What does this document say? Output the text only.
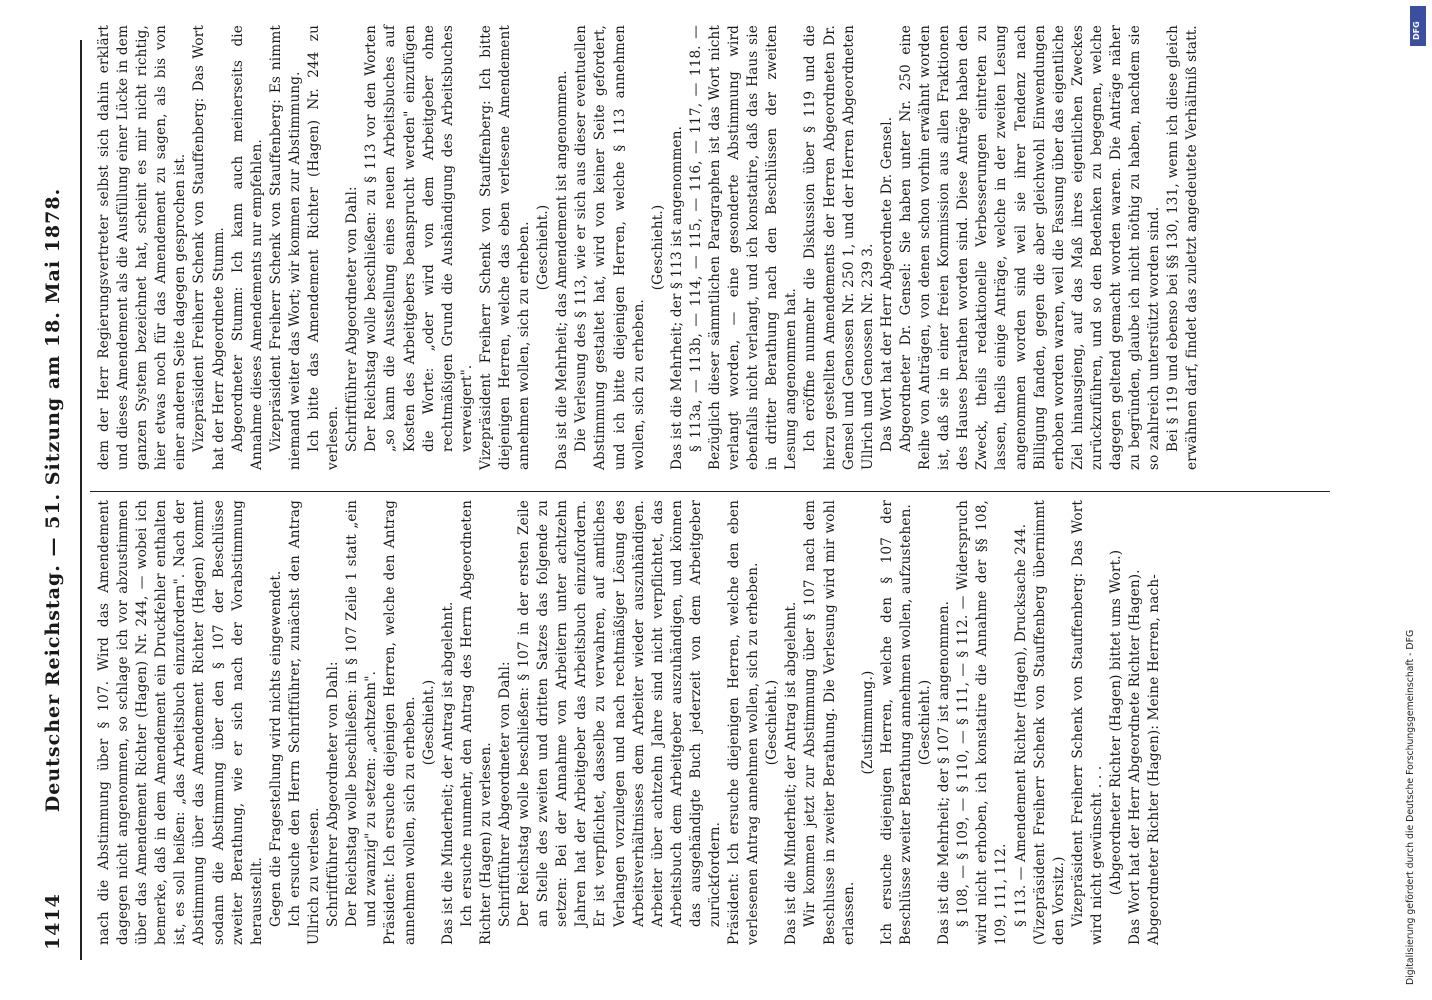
1414
Deutscher Reichstag. — 51. Sitzung am 18. Mai 1878. nach die Abstimmung über § 107. Wird das Amendement dagegen nicht angenommen, so schlage ich vor abzustimmen über das Amendement Richter (Hagen) Nr. 244, — wobei ich bemerke, daß in dem Amendement ein Druckfehler enthalten ist, es soll heißen: „das Arbeitsbuch einzufordern". Nach der Abstimmung über das Amendement Richter (Hagen) kommt sodann die Abstimmung über den § 107 der Beschlüsse zweiter Berathung, wie er sich nach der Vorabstimmung herausstellt. Gegen die Fragestellung wird nichts eingewendet. Ich ersuche den Herrn Schriftführer, zunächst den Antrag Ullrich zu verlesen. Schriftführer Abgeordneter von Dahl: Der Reichstag wolle beschließen: in § 107 Zeile 1 statt „ein und zwanzig" zu setzen: „achtzehn". Präsident: Ich ersuche diejenigen Herren, welche den Antrag annehmen wollen, sich zu erheben. (Geschieht.) Das ist die Minderheit; der Antrag ist abgelehnt. Ich ersuche nunmehr, den Antrag des Herrn Abgeordneten Richter (Hagen) zu verlesen. Schriftführer Abgeordneter von Dahl: Der Reichstag wolle beschließen: § 107 in der ersten Zeile an Stelle des zweiten und dritten Satzes das folgende zu setzen: Bei der Annahme von Arbeitern unter achtzehn Jahren hat der Arbeitgeber das Arbeitsbuch einzufordern. Er ist verpflichtet, dasselbe zu verwahren, auf amtliches Verlangen vorzulegen und nach rechtmäßiger Lösung des Arbeitsverhältnisses dem Arbeiter wieder auszuhändigen. Arbeiter über achtzehn Jahre sind nicht verpflichtet, das Arbeitsbuch dem Arbeitgeber auszuhändigen, und können das ausgehändigte Buch jederzeit von dem Arbeitgeber zurückfordern. Präsident: Ich ersuche diejenigen Herren, welche den eben verlesenen Antrag annehmen wollen, sich zu erheben. (Geschieht.) Das ist die Minderheit; der Antrag ist abgelehnt. Wir kommen jetzt zur Abstimmung über § 107 nach dem Beschlusse in zweiter Berathung. Die Verlesung wird mir wohl erlassen.

(Zustimmung.) Ich ersuche diejenigen Herren, welche den § 107 der Beschlüsse zweiter Berathung annehmen wollen, aufzustehen. (Geschieht.) Das ist die Mehrheit; der § 107 ist angenommen. § 108, — § 109, — § 110, — § 111, — § 112. — Widerspruch wird nicht erhoben, ich konstatire die Annahme der §§ 108, 109, 111, 112. § 113. — Amendement Richter (Hagen), Drucksache 244. (Vizepräsident Freiherr Schenk von Stauffenberg übernimmt den Vorsitz.) Vizepräsident Freiherr Schenk von Stauffenberg: Das Wort wird nicht gewünscht . . . (Abgeordneter Richter (Hagen) bittet ums Wort.) Das Wort hat der Herr Abgeordnete Richter (Hagen). Abgeordneter Richter (Hagen): Meine Herren, nach-

dem der Herr Regierungsvertreter selbst sich dahin erklärt und dieses Amendement als die Ausfüllung einer Lücke in dem ganzen System bezeichnet hat, scheint es mir nicht richtig, hier etwas noch für das Amendement zu sagen, als bis von einer anderen Seite dagegen gesprochen ist. Vizepräsident Freiherr Schenk von Stauffenberg: Das Wort hat der Herr Abgeordnete Stumm. Abgeordneter Stumm: Ich kann auch meinerseits die Annahme dieses Amendements nur empfehlen. Vizepräsident Freiherr Schenk von Stauffenberg: Es nimmt niemand weiter das Wort; wir kommen zur Abstimmung. Ich bitte das Amendement Richter (Hagen) Nr. 244 zu verlesen. Schriftführer Abgeordneter von Dahl: Der Reichstag wolle beschließen: zu § 113 vor den Worten „so kann die Ausstellung eines neuen Arbeitsbuches auf Kosten des Arbeitgebers beansprucht werden" einzufügen die Worte: „oder wird von dem Arbeitgeber ohne rechtmäßigen Grund die Aushändigung des Arbeitsbuches verweigert". Vizepräsident Freiherr Schenk von Stauffenberg: Ich bitte diejenigen Herren, welche das eben verlesene Amendement annehmen wollen, sich zu erheben. (Geschieht.) Das ist die Mehrheit; das Amendement ist angenommen. Die Verlesung des § 113, wie er sich aus dieser eventuellen Abstimmung gestaltet hat, wird von keiner Seite gefordert, und ich bitte diejenigen Herren, welche § 113 annehmen wollen, sich zu erheben.

(Geschieht.) Das ist die Mehrheit; der § 113 ist angenommen. § 113a, — 113b, — 114, — 115, — 116, — 117, — 118. — Bezüglich dieser sämmtlichen Paragraphen ist das Wort nicht verlangt worden, — eine gesonderte Abstimmung wird ebenfalls nicht verlangt, und ich konstatire, daß das Haus sie in dritter Berathung nach den Beschlüssen der zweiten Lesung angenommen hat. Ich eröffne nunmehr die Diskussion über § 119 und die hierzu gestellten Amendements der Herren Abgeordneten Dr. Gensel und Genossen Nr. 250 1, und der Herren Abgeordneten Ullrich und Genossen Nr. 239 3. Das Wort hat der Herr Abgeordnete Dr. Gensel. Abgeordneter Dr. Gensel: Sie haben unter Nr. 250 eine Reihe von Anträgen, von denen schon vorhin erwähnt worden ist, daß sie in einer freien Kommission aus allen Fraktionen des Hauses berathen worden sind. Diese Anträge haben den Zweck, theils redaktionelle Verbesserungen eintreten zu lassen, theils einige Anträge, welche in der zweiten Lesung angenommen worden sind weil sie ihrer Tendenz nach Billigung fanden, gegen die aber gleichwohl Einwendungen erhoben worden waren, weil die Fassung über das eigentliche Ziel hinausgieng, auf das Maß ihres eigentlichen Zweckes zurückzuführen, und so den Bedenken zu begegnen, welche dagegen geltend gemacht worden waren. Die Anträge näher zu begründen, glaube ich nicht nöthig zu haben, nachdem sie so zahlreich unterstützt worden sind. Bei § 119 und ebenso bei §§ 130, 131, wenn ich diese gleich erwähnen darf, findet das zuletzt angedeutete Verhältniß statt.

Digitalisierung gefördert durch die Deutsche Forschungsgemeinschaft - DFG
DFG
